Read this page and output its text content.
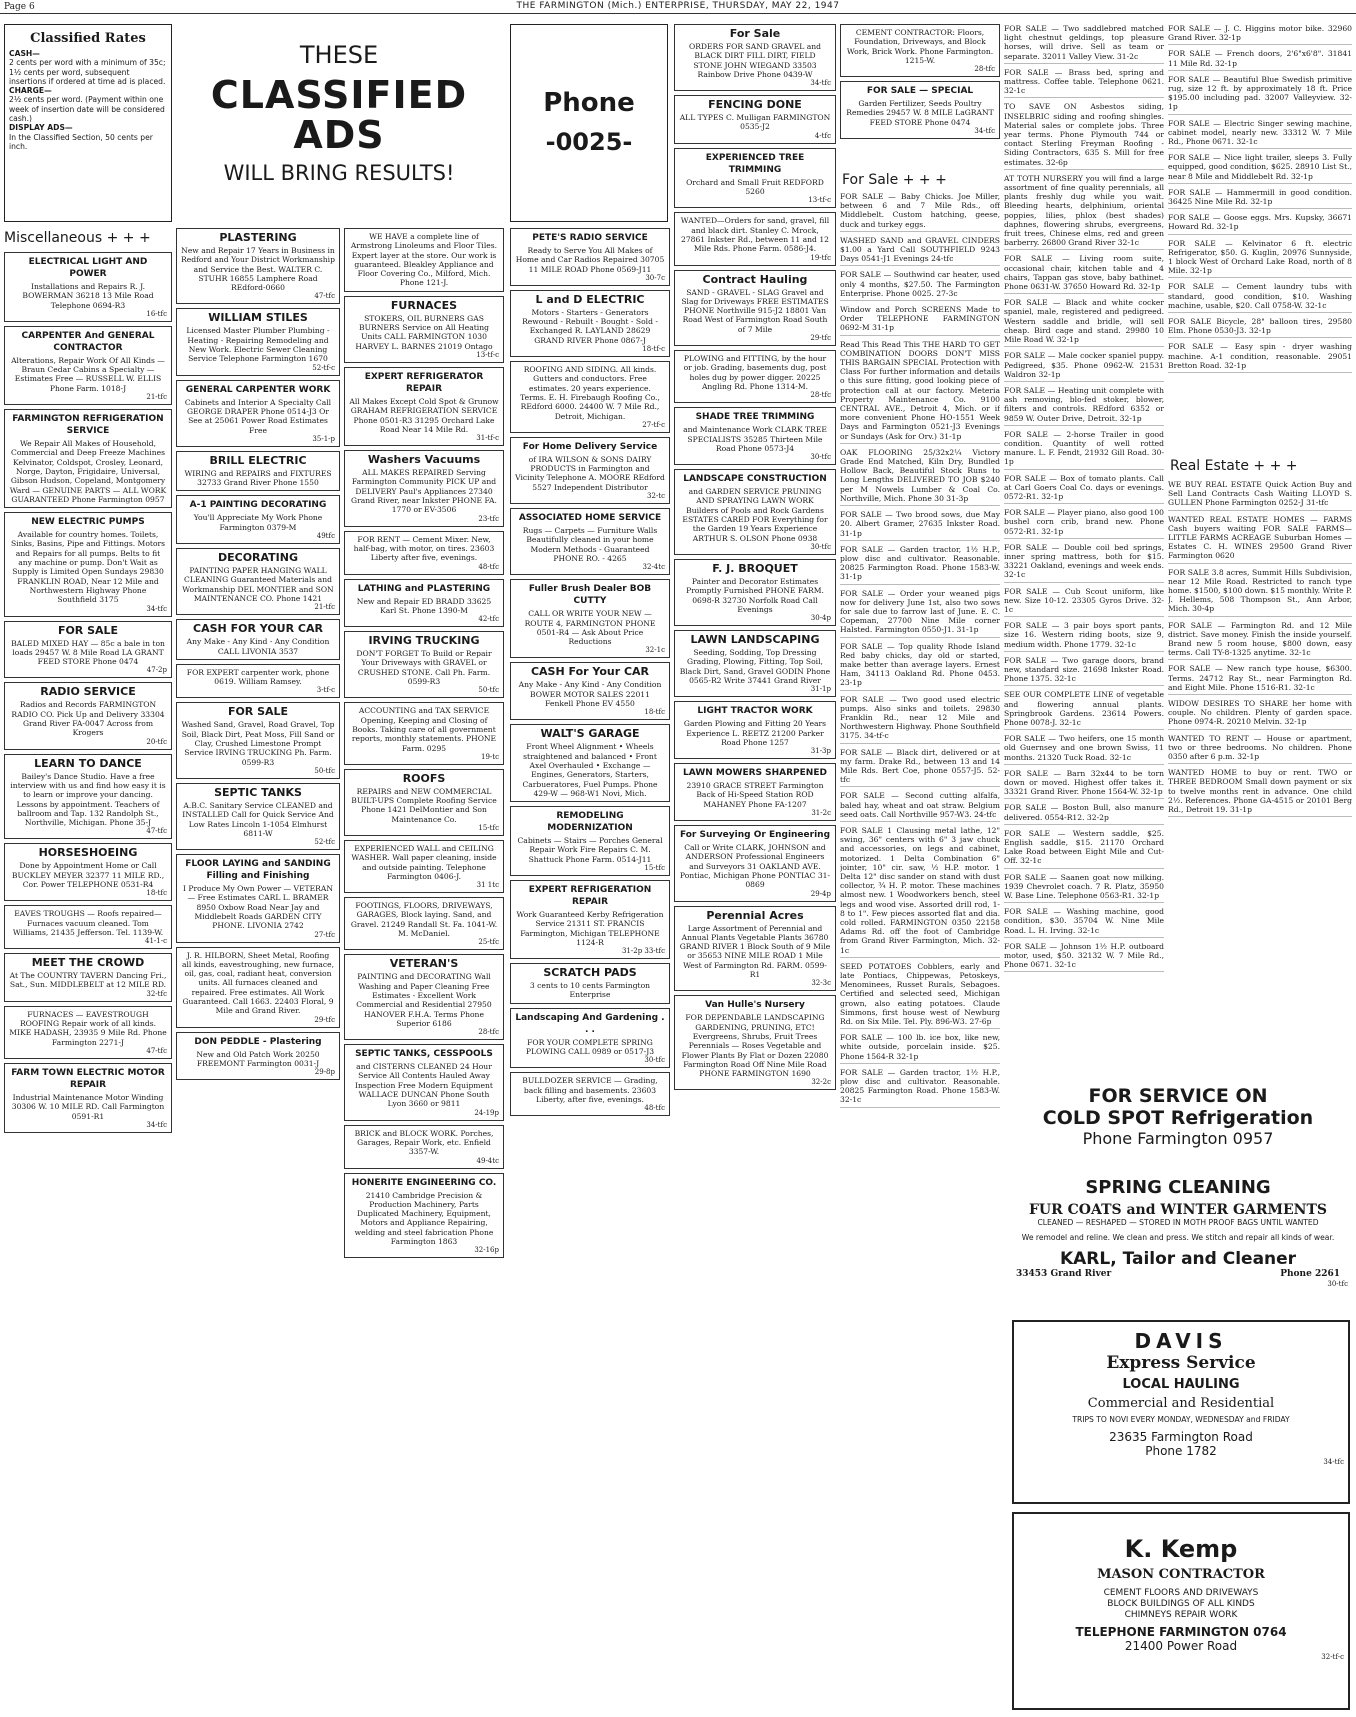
Page 6	THE FARMINGTON (Mich.) ENTERPRISE, THURSDAY, MAY 22, 1947
Classified Rates
CASH—
2 cents per word with a minimum of 35c; 1½ cents per word, subsequent insertions if ordered at time ad is placed.
CHARGE—
2½ cents per word. (Payment within one week of insertion date will be considered cash.)
DISPLAY ADS—
In the Classified Section, 50 cents per inch.
THESE
CLASSIFIED
ADS
WILL BRING RESULTS!
Phone
-0025-
Miscellaneous + + +
For Sale + + +
Real Estate + + +
ELECTRICAL LIGHT AND POWER
Installations and Repairs R. J. BOWERMAN 36218 13 Mile Road Telephone 0694-R3
16-tfc
CARPENTER And GENERAL CONTRACTOR
Alterations, Repair Work Of All Kinds — Braun Cedar Cabins a Specialty — Estimates Free — RUSSELL W. ELLIS Phone Farm. 1018-J
21-tfc
FARMINGTON REFRIGERATION SERVICE
We Repair All Makes of Household, Commercial and Deep Freeze Machines Kelvinator, Coldspot, Crosley, Leonard, Norge, Dayton, Frigidaire, Universal, Gibson Hudson, Copeland, Montgomery Ward — GENUINE PARTS — ALL WORK GUARANTEED Phone Farmington 0957
NEW ELECTRIC PUMPS
Available for country homes. Toilets, Sinks, Basins, Pipe and Fittings. Motors and Repairs for all pumps. Belts to fit any machine or pump. Don't Wait as Supply is Limited Open Sundays 29830 FRANKLIN ROAD, Near 12 Mile and Northwestern Highway Phone Southfield 3175
34-tfc
FOR SALE
BALED MIXED HAY — 85c a bale in ton loads 29457 W. 8 Mile Road LA GRANT FEED STORE Phone 0474
47-2p
RADIO SERVICE
Radios and Records FARMINGTON RADIO CO. Pick Up and Delivery 33304 Grand River FA-0047 Across from Krogers
20-tfc
LEARN TO DANCE
Bailey's Dance Studio. Have a free interview with us and find how easy it is to learn or improve your dancing. Lessons by appointment. Teachers of ballroom and Tap. 132 Randolph St., Northville, Michigan. Phone 35-J
47-tfc
HORSESHOEING
Done by Appointment Home or Call BUCKLEY MEYER 32377 11 MILE RD., Cor. Power TELEPHONE 0531-R4
18-tfc
EAVES TROUGHS — Roofs repaired—Furnaces vacuum cleaned. Tom Williams, 21435 Jefferson. Tel. 1139-W.
41-1-c
MEET THE CROWD
At The COUNTRY TAVERN Dancing Fri., Sat., Sun. MIDDLEBELT at 12 MILE RD.
32-tfc
FURNACES — EAVESTROUGH ROOFING Repair work of all kinds. MIKE HADASH, 23935 9 Mile Rd. Phone Farmington 2271-J
47-tfc
FARM TOWN ELECTRIC MOTOR REPAIR
Industrial Maintenance Motor Winding 30306 W. 10 MILE RD. Call Farmington 0591-R1
34-tfc
PLASTERING
New and Repair 17 Years in Business in Redford and Your District Workmanship and Service the Best. WALTER C. STUHR 16855 Lamphere Road REdford-0660
47-tfc
WILLIAM STILES
Licensed Master Plumber Plumbing - Heating - Repairing Remodeling and New Work. Electric Sewer Cleaning Service Telephone Farmington 1670
52-tf-c
GENERAL CARPENTER WORK
Cabinets and Interior A Specialty Call GEORGE DRAPER Phone 0514-J3 Or See at 25061 Power Road Estimates Free
35-1-p
BRILL ELECTRIC
WIRING and REPAIRS and FIXTURES 32733 Grand River Phone 1550
A-1 PAINTING DECORATING
You'll Appreciate My Work Phone Farmington 0379-M
49tfc
DECORATING
PAINTING PAPER HANGING WALL CLEANING Guaranteed Materials and Workmanship DEL MONTIER and SON MAINTENANCE CO. Phone 1421
21-tfc
CASH FOR YOUR CAR
Any Make - Any Kind - Any Condition CALL LIVONIA 3537
FOR EXPERT carpenter work, phone 0619. William Ramsey.
3-tf-c
FOR SALE
Washed Sand, Gravel, Road Gravel, Top Soil, Black Dirt, Peat Moss, Fill Sand or Clay, Crushed Limestone Prompt Service IRVING TRUCKING Ph. Farm. 0599-R3
50-tfc
SEPTIC TANKS
A.B.C. Sanitary Service CLEANED and INSTALLED Call for Quick Service And Low Rates Lincoln 1-1054 Elmhurst 6811-W
52-tfc
FLOOR LAYING and SANDING Filling and Finishing
I Produce My Own Power — VETERAN — Free Estimates CARL L. BRAMER 8950 Oxbow Road Near Jay and Middlebelt Roads GARDEN CITY PHONE. LIVONIA 2742
27-tfc
J. R. HILBORN, Sheet Metal, Roofing all kinds, eavestroughing, new furnace, oil, gas, coal, radiant heat, conversion units. All furnaces cleaned and repaired. Free estimates. All Work Guaranteed. Call 1663. 22403 Floral, 9 Mile and Grand River.
29-tfc
DON PEDDLE - Plastering
New and Old Patch Work 20250 FREEMONT Farmington 0031-J
29-8p
WE HAVE a complete line of Armstrong Linoleums and Floor Tiles. Expert layer at the store. Our work is guaranteed. Bleakley Appliance and Floor Covering Co., Milford, Mich. Phone 121-J.
FURNACES
STOKERS, OIL BURNERS GAS BURNERS Service on All Heating Units CALL FARMINGTON 1030 HARVEY L. BARNES 21019 Ontago
13-tf-c
EXPERT REFRIGERATOR REPAIR
All Makes Except Cold Spot & Grunow GRAHAM REFRIGERATION SERVICE Phone 0501-R3 31295 Orchard Lake Road Near 14 Mile Rd.
31-tf-c
Washers Vacuums
ALL MAKES REPAIRED Serving Farmington Community PICK UP and DELIVERY Paul's Appliances 27340 Grand River, near Inkster PHONE FA. 1770 or EV-3506
23-tfc
FOR RENT — Cement Mixer. New, half-bag, with motor, on tires. 23603 Liberty after five, evenings.
48-tfc
LATHING and PLASTERING
New and Repair ED BRADD 33625 Karl St. Phone 1390-M
42-tfc
IRVING TRUCKING
DON'T FORGET To Build or Repair Your Driveways with GRAVEL or CRUSHED STONE. Call Ph. Farm. 0599-R3
50-tfc
ACCOUNTING and TAX SERVICE Opening, Keeping and Closing of Books. Taking care of all government reports, monthly statements. PHONE Farm. 0295
19-tc
ROOFS
REPAIRS and NEW COMMERCIAL BUILT-UPS Complete Roofing Service Phone 1421 DelMontier and Son Maintenance Co.
15-tfc
EXPERIENCED WALL and CEILING WASHER. Wall paper cleaning, inside and outside painting. Telephone Farmington 0406-J.
31 1tc
FOOTINGS, FLOORS, DRIVEWAYS, GARAGES, Block laying. Sand, and Gravel. 21249 Randall St. Fa. 1041-W. M. McDaniel.
25-tfc
VETERAN'S
PAINTING and DECORATING Wall Washing and Paper Cleaning Free Estimates - Excellent Work Commercial and Residential 27950 HANOVER F.H.A. Terms Phone Superior 6186
28-tfc
SEPTIC TANKS, CESSPOOLS
and CISTERNS CLEANED 24 Hour Service All Contents Hauled Away Inspection Free Modern Equipment WALLACE DUNCAN Phone South Lyon 3660 or 9811
24-19p
BRICK and BLOCK WORK. Porches, Garages, Repair Work, etc. Enfield 3357-W.
49-4tc
HONERITE ENGINEERING CO.
21410 Cambridge Precision & Production Machinery, Parts Duplicated Machinery, Equipment, Motors and Appliance Repairing, welding and steel fabrication Phone Farmington 1863
32-16p
PETE'S RADIO SERVICE
Ready to Serve You All Makes of Home and Car Radios Repaired 30705 11 MILE ROAD Phone 0569-J11
30-7c
L and D ELECTRIC
Motors - Starters - Generators Rewound - Rebuilt - Bought - Sold - Exchanged R. LAYLAND 28629 GRAND RIVER Phone 0867-J
18-tf-c
ROOFING AND SIDING. All kinds. Gutters and conductors. Free estimates. 20 years experience. Terms. E. H. Firebaugh Roofing Co., REdford 6000. 24400 W. 7 Mile Rd., Detroit, Michigan.
27-tf-c
For Home Delivery Service
of IRA WILSON & SONS DAIRY PRODUCTS in Farmington and Vicinity Telephone A. MOORE REdford 5527 Independent Distributor
32-tc
ASSOCIATED HOME SERVICE
Rugs — Carpets — Furniture Walls Beautifully cleaned in your home Modern Methods - Guaranteed PHONE RO. - 4265
32-4tc
Fuller Brush Dealer BOB CUTTY
CALL OR WRITE YOUR NEW — ROUTE 4, FARMINGTON PHONE 0501-R4 — Ask About Price Reductions
32-1c
CASH For Your CAR
Any Make - Any Kind - Any Condition BOWER MOTOR SALES 22011 Fenkell Phone EV 4550
18-tfc
WALT'S GARAGE
Front Wheel Alignment • Wheels straightened and balanced • Front Axel Overhauled • Exchange — Engines, Generators, Starters, Carbueratores, Fuel Pumps. Phone 429-W — 968-W1 Novi, Mich.
REMODELING MODERNIZATION
Cabinets — Stairs — Porches General Repair Work Fire Repairs C. M. Shattuck Phone Farm. 0514-J11
15-tfc
EXPERT REFRIGERATION REPAIR
Work Guaranteed Kerby Refrigeration Service 21311 ST. FRANCIS Farmington, Michigan TELEPHONE 1124-R
31-2p 33-tfc
SCRATCH PADS
3 cents to 10 cents Farmington Enterprise
Landscaping And Gardening . . .
FOR YOUR COMPLETE SPRING PLOWING CALL 0989 or 0517-J3
30-tfc
BULLDOZER SERVICE — Grading, back filling and basements. 23603 Liberty, after five, evenings.
48-tfc
For Sale
ORDERS FOR SAND GRAVEL and BLACK DIRT FILL DIRT, FIELD STONE JOHN WIEGAND 33503 Rainbow Drive Phone 0439-W
34-tfc
FENCING DONE
ALL TYPES C. Mulligan FARMINGTON 0535-J2
4-tfc
EXPERIENCED TREE TRIMMING
Orchard and Small Fruit REDFORD 5260
13-tf-c
WANTED—Orders for sand, gravel, fill and black dirt. Stanley C. Mrock, 27861 Inkster Rd., between 11 and 12 Mile Rds. Phone Farm. 0586-J4.
19-tfc
Contract Hauling
SAND - GRAVEL - SLAG Gravel and Slag for Driveways FREE ESTIMATES PHONE Northville 915-J2 18801 Van Road West of Farmington Road South of 7 Mile
29-tfc
PLOWING and FITTING, by the hour or job. Grading, basements dug, post holes dug by power digger. 20225 Angling Rd. Phone 1314-M.
28-tfc
SHADE TREE TRIMMING
and Maintenance Work CLARK TREE SPECIALISTS 35285 Thirteen Mile Road Phone 0573-J4
30-tfc
LANDSCAPE CONSTRUCTION
and GARDEN SERVICE PRUNING AND SPRAYING LAWN WORK Builders of Pools and Rock Gardens ESTATES CARED FOR Everything for the Garden 19 Years Experience ARTHUR S. OLSON Phone 0938
30-tfc
F. J. BROQUET
Painter and Decorator Estimates Promptly Furnished PHONE FARM. 0698-R 32730 Norfolk Road Call Evenings
30-4p
LAWN LANDSCAPING
Seeding, Sodding, Top Dressing Grading, Plowing, Fitting, Top Soil, Black Dirt, Sand, Gravel GODIN Phone 0565-R2 Write 37441 Grand River
31-1p
LIGHT TRACTOR WORK
Garden Plowing and Fitting 20 Years Experience L. REETZ 21200 Parker Road Phone 1257
31-3p
LAWN MOWERS SHARPENED
23910 GRACE STREET Farmington Back of Hi-Speed Station ROD MAHANEY Phone FA-1207
31-2c
For Surveying Or Engineering
Call or Write CLARK, JOHNSON and ANDERSON Professional Engineers and Surveyors 31 OAKLAND AVE. Pontiac, Michigan Phone PONTIAC 31-0869
29-4p
Perennial Acres
Large Assortment of Perennial and Annual Plants Vegetable Plants 36780 GRAND RIVER 1 Block South of 9 Mile or 35653 NINE MILE ROAD 1 Mile West of Farmington Rd. FARM. 0599-R1
32-3c
Van Hulle's Nursery
FOR DEPENDABLE LANDSCAPING GARDENING, PRUNING, ETC! Evergreens, Shrubs, Fruit Trees Perennials — Roses Vegetable and Flower Plants By Flat or Dozen 22080 Farmington Road Off Nine Mile Road PHONE FARMINGTON 1690
32-2c
CEMENT CONTRACTOR: Floors, Foundation, Driveways, and Block Work, Brick Work. Phone Farmington. 1215-W.
28-tfc
FOR SALE — SPECIAL
Garden Fertilizer, Seeds Poultry Remedies 29457 W. 8 MILE LaGRANT FEED STORE Phone 0474
34-tfc

FOR SALE — Baby Chicks. Joe Miller, between 6 and 7 Mile Rds., off Middlebelt. Custom hatching, geese, duck and turkey eggs.

WASHED SAND and GRAVEL CINDERS $1.00 a Yard Call SOUTHFIELD 9243 Days 0541-J1 Evenings 24-tfc

FOR SALE — Southwind car heater, used only 4 months, $27.50. The Farmington Enterprise. Phone 0025. 27-3c

Window and Porch SCREENS Made to Order TELEPHONE FARMINGTON 0692-M 31-1p

Read This Read This THE HARD TO GET COMBINATION DOORS DON'T MISS THIS BARGAIN SPECIAL Protection with Class For further information and details o this sure fitting, good looking piece of protection call at our factory. Meteria Property Maintenance Co. 9100 CENTRAL AVE., Detroit 4, Mich. or if more convenient Phone HO-1551 Week Days and Farmington 0521-J3 Evenings or Sundays (Ask for Orv.) 31-1p

OAK FLOORING 25/32x2¼ Victory Grade End Matched, Kiln Dry, Bundled Hollow Back, Beautiful Stock Runs to Long Lengths DELIVERED TO JOB $240 per M Nowels Lumber & Coal Co. Northville, Mich. Phone 30 31-3p

FOR SALE — Two brood sows, due May 20. Albert Gramer, 27635 Inkster Road. 31-1p

FOR SALE — Garden tractor, 1½ H.P., plow disc and cultivator. Reasonable. 20825 Farmington Road. Phone 1583-W. 31-1p

FOR SALE — Order your weaned pigs now for delivery June 1st, also two sows for sale due to farrow last of June. E. C. Copeman, 27700 Nine Mile corner Halsted. Farmington 0550-J1. 31-1p

FOR SALE — Top quality Rhode Island Red baby chicks, day old or started, make better than average layers. Ernest Ham, 34113 Oakland Rd. Phone 0453. 23-1p

FOR SALE — Two good used electric pumps. Also sinks and toilets. 29830 Franklin Rd., near 12 Mile and Northwestern Highway. Phone Southfield 3175. 34-tf-c

FOR SALE — Black dirt, delivered or at my farm. Drake Rd., between 13 and 14 Mile Rds. Bert Coe, phone 0557-J5. 52-tfc

FOR SALE — Second cutting alfalfa, baled hay, wheat and oat straw. Belgium seed oats. Call Northville 957-W3. 24-tfc

FOR SALE 1 Clausing metal lathe, 12" swing, 36" centers with 6" 3 jaw chuck and accessories, on legs and cabinet, motorized. 1 Delta Combination 6" jointer, 10" cir. saw, ½ H.P. motor. 1 Delta 12" disc sander on stand with dust collector, ¾ H. P. motor. These machines almost new. 1 Woodworkers bench, steel legs and wood vise. Assorted drill rod, 1-8 to 1". Few pieces assorted flat and dia. cold rolled. FARMINGTON 0350 22158 Adams Rd. off the foot of Cambridge from Grand River Farmington, Mich. 32-1c

SEED POTATOES Cobblers, early and late Pontiacs, Chippewas, Petoskeys, Menominees, Russet Rurals, Sebagoes. Certified and selected seed, Michigan grown, also eating potatoes. Claude Simmons, first house west of Newburg Rd. on Six Mile. Tel. Ply. 896-W3. 27-6p

FOR SALE — 100 lb. ice box, like new, white outside, porcelain inside. $25. Phone 1564-R 32-1p

FOR SALE — Garden tractor, 1½ H.P., plow disc and cultivator. Reasonable. 20825 Farmington Road. Phone 1583-W. 32-1c

FOR SALE — Two saddlebred matched light chestnut geldings, top pleasure horses, will drive. Sell as team or separate. 32011 Valley View. 31-2c

FOR SALE — Brass bed, spring and mattress. Coffee table. Telephone 0621. 32-1c

TO SAVE ON Asbestos siding, INSELBRIC siding and roofing shingles. Material sales or complete jobs. Three year terms. Phone Plymouth 744 or contact Sterling Freyman Roofing - Siding Contractors, 635 S. Mill for free estimates. 32-6p

AT TOTH NURSERY you will find a large assortment of fine quality perennials, all plants freshly dug while you wait. Bleeding hearts, delphinium, oriental poppies, lilies, phlox (best shades) daphnes, flowering shrubs, evergreens, fruit trees, Chinese elms, red and green barberry. 26800 Grand River 32-1c

FOR SALE — Living room suite, occasional chair, kitchen table and 4 chairs, Tappan gas stove, baby bathinet. Phone 0631-W. 37650 Howard Rd. 32-1p

FOR SALE — Black and white cocker spaniel, male, registered and pedigreed. Western saddle and bridle, will sell cheap. Bird cage and stand. 29980 10 Mile Road W. 32-1p

FOR SALE — Male cocker spaniel puppy. Pedigreed, $35. Phone 0962-W. 21531 Waldron 32-1p

FOR SALE — Heating unit complete with ash removing, blo-fed stoker, blower, filters and controls. REdford 6352 or 9859 W. Outer Drive, Detroit. 32-1p

FOR SALE — 2-horse Trailer in good condition. Quantity of well rotted manure. L. F. Fendt, 21932 Gill Road. 30-1p

FOR SALE — Box of tomato plants. Call at Carl Goers Coal Co. days or evenings. 0572-R1. 32-1p

FOR SALE — Player piano, also good 100 bushel corn crib, brand new. Phone 0572-R1. 32-1p

FOR SALE — Double coil bed springs, inner spring mattress, both for $15. 33221 Oakland, evenings and week ends. 32-1c

FOR SALE — Cub Scout uniform, like new. Size 10-12. 23305 Gyros Drive. 32-1c

FOR SALE — 3 pair boys sport pants, size 16. Western riding boots, size 9, medium width. Phone 1779. 32-1c

FOR SALE — Two garage doors, brand new, standard size. 21698 Inkster Road. Phone 1375. 32-1c

SEE OUR COMPLETE LINE of vegetable and flowering annual plants. Springbrook Gardens. 23614 Powers. Phone 0078-J. 32-1c

FOR SALE — Two heifers, one 15 month old Guernsey and one brown Swiss, 11 months. 21320 Tuck Road. 32-1c

FOR SALE — Barn 32x44 to be torn down or moved. Highest offer takes it. 33321 Grand River. Phone 1564-W. 32-1p

FOR SALE — Boston Bull, also manure delivered. 0554-R12. 32-2p

FOR SALE — Western saddle, $25. English saddle, $15. 21170 Orchard Lake Road between Eight Mile and Cut-Off. 32-1c

FOR SALE — Saanen goat now milking. 1939 Chevrolet coach. 7 R. Platz, 35950 W. Base Line. Telephone 0563-R1. 32-1p

FOR SALE — Washing machine, good condition, $30. 35704 W. Nine Mile Road. L. H. Irving. 32-1c

FOR SALE — Johnson 1½ H.P. outboard motor, used, $50. 32132 W. 7 Mile Rd., Phone 0671. 32-1c

FOR SALE — J. C. Higgins motor bike. 32960 Grand River. 32-1p

FOR SALE — French doors, 2'6"x6'8". 31841 11 Mile Rd. 32-1p

FOR SALE — Beautiful Blue Swedish primitive rug, size 12 ft. by approximately 18 ft. Price $195.00 including pad. 32007 Valleyview. 32-1p

FOR SALE — Electric Singer sewing machine, cabinet model, nearly new. 33312 W. 7 Mile Rd., Phone 0671. 32-1c

FOR SALE — Nice light trailer, sleeps 3. Fully equipped, good condition, $625. 28910 List St., near 8 Mile and Middlebelt Rd. 32-1p

FOR SALE — Hammermill in good condition. 36425 Nine Mile Rd. 32-1p

FOR SALE — Goose eggs. Mrs. Kupsky, 36671 Howard Rd. 32-1p

FOR SALE — Kelvinator 6 ft. electric Refrigerator, $50. G. Kuglin, 20976 Sunnyside, 1 block West of Orchard Lake Road, north of 8 Mile. 32-1p

FOR SALE — Cement laundry tubs with standard, good condition, $10. Washing machine, usable, $20. Call 0758-W. 32-1c

FOR SALE Bicycle, 28" balloon tires, 29580 Elm. Phone 0530-J3. 32-1p

FOR SALE — Easy spin - dryer washing machine. A-1 condition, reasonable. 29051 Bretton Road. 32-1p

WE BUY REAL ESTATE Quick Action Buy and Sell Land Contracts Cash Waiting LLOYD S. GULLEN Phone Farmington 0252-J 31-tfc

WANTED REAL ESTATE HOMES — FARMS Cash buyers waiting FOR SALE FARMS—LITTLE FARMS ACREAGE Suburban Homes — Estates C. H. WINES 29500 Grand River Farmington 0620

FOR SALE 3.8 acres, Summit Hills Subdivision, near 12 Mile Road. Restricted to ranch type home. $1500, $100 down. $15 monthly. Write P. J. Hellems, 508 Thompson St., Ann Arbor, Mich. 30-4p

FOR SALE — Farmington Rd. and 12 Mile district. Save money. Finish the inside yourself. Brand new 5 room house, $800 down, easy terms. Call TY-8-1325 anytime. 32-1c

FOR SALE — New ranch type house, $6300. Terms. 24712 Ray St., near Farmington Rd. and Eight Mile. Phone 1516-R1. 32-1c

WIDOW DESIRES TO SHARE her home with couple. No children. Plenty of garden space. Phone 0974-R. 20210 Melvin. 32-1p

WANTED TO RENT — House or apartment, two or three bedrooms. No children. Phone 0350 after 6 p.m. 32-1p

WANTED HOME to buy or rent. TWO or THREE BEDROOM Small down payment or six to twelve months rent in advance. One child 2½. References. Phone GA-4515 or 20101 Berg Rd., Detroit 19. 31-1p

FOR SERVICE ON
COLD SPOT Refrigeration
Phone Farmington 0957
SPRING CLEANING
FUR COATS and WINTER GARMENTS
CLEANED — RESHAPED — STORED IN MOTH PROOF BAGS UNTIL WANTED
We remodel and reline. We clean and press. We stitch and repair all kinds of wear.
KARL, Tailor and Cleaner
33453 Grand River	Phone 2261
30-tfc
DAVIS
Express Service
LOCAL HAULING
Commercial and Residential
TRIPS TO NOVI EVERY MONDAY, WEDNESDAY and FRIDAY
23635 Farmington Road
Phone 1782
34-tfc
K. Kemp
MASON CONTRACTOR
CEMENT FLOORS AND DRIVEWAYS
BLOCK BUILDINGS OF ALL KINDS
CHIMNEYS REPAIR WORK
TELEPHONE FARMINGTON 0764
21400 Power Road
32-tf-c
